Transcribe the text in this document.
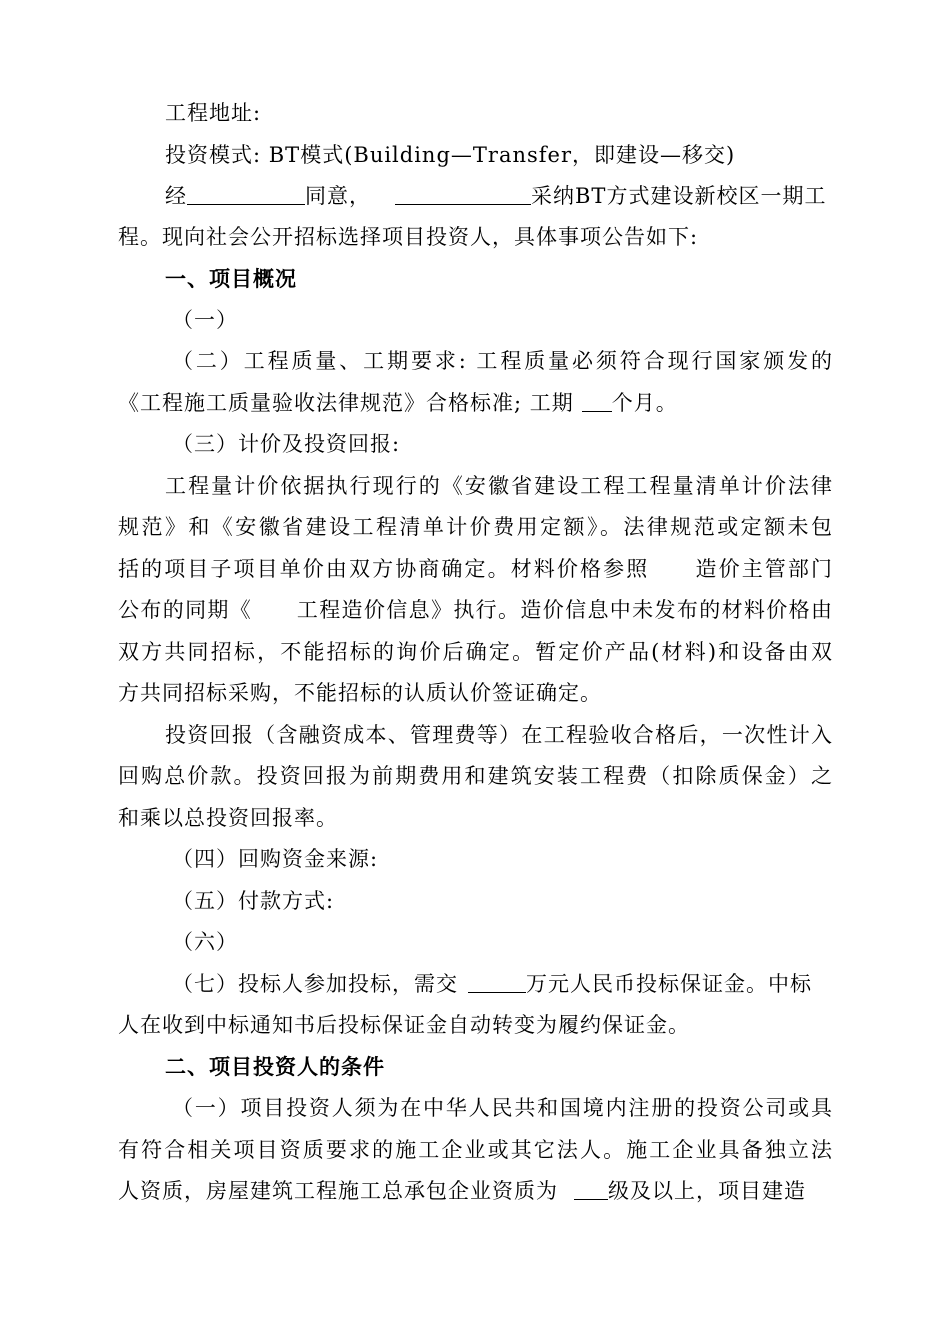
工程地址:
投资模式: BT模式(Building—Transfer，即建设—移交)
经	同意，	采纳BT方式建设新校区一期工
程。现向社会公开招标选择项目投资人，具体事项公告如下:
一、项目概况
（一）
（二）工程质量、工期要求: 工程质量必须符合现行国家颁发的
《工程施工质量验收法律规范》合格标准; 工期 个月。
（三）计价及投资回报:
工程量计价依据执行现行的《安徽省建设工程工程量清单计价法律
规范》和《安徽省建设工程清单计价费用定额》。法律规范或定额未包
括的项目子项目单价由双方协商确定。材料价格参照　　造价主管部门
公布的同期《　　工程造价信息》执行。造价信息中未发布的材料价格由
双方共同招标，不能招标的询价后确定。暂定价产品(材料)和设备由双
方共同招标采购，不能招标的认质认价签证确定。
投资回报（含融资成本、管理费等）在工程验收合格后，一次性计入
回购总价款。投资回报为前期费用和建筑安装工程费（扣除质保金）之
和乘以总投资回报率。
（四）回购资金来源:
（五）付款方式:
（六）
（七）投标人参加投标，需交	万元人民币投标保证金。中标
人在收到中标通知书后投标保证金自动转变为履约保证金。
二、项目投资人的条件
（一）项目投资人须为在中华人民共和国境内注册的投资公司或具
有符合相关项目资质要求的施工企业或其它法人。施工企业具备独立法
人资质，房屋建筑工程施工总承包企业资质为 级及以上，项目建造
